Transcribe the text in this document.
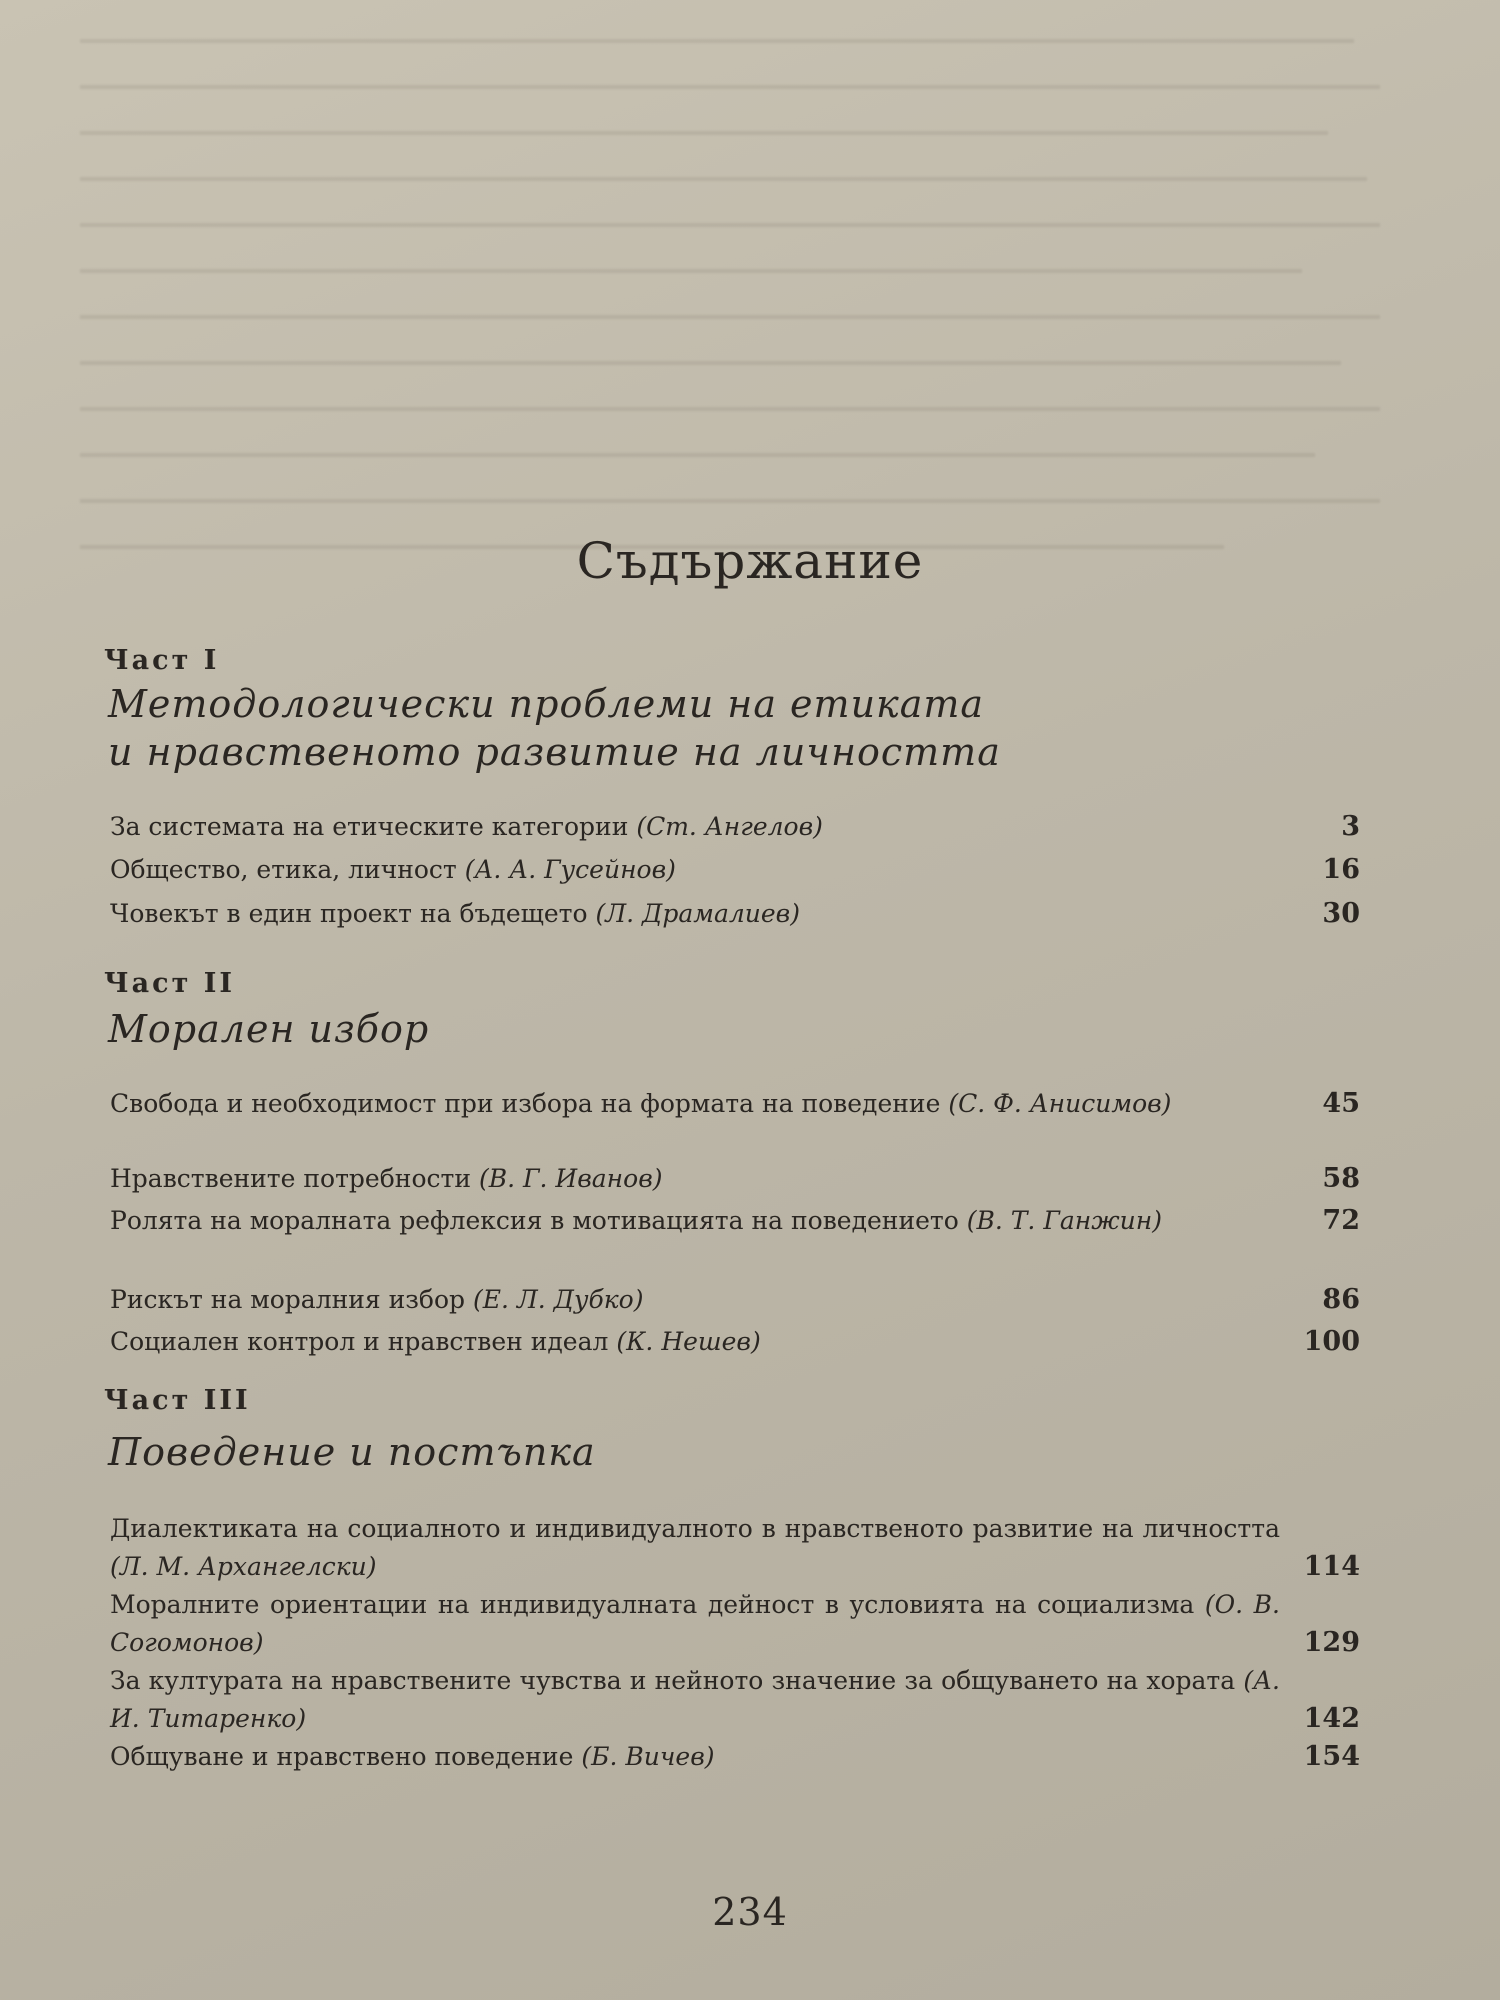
Съдържание
Част I
Методологически проблеми на етиката
и нравственото развитие на личността
За системата на етическите категории (Ст. Ангелов)	3
Общество, етика, личност (А. А. Гусейнов)	16
Човекът в един проект на бъдещето (Л. Драмалиев)	30
Част II
Морален избор
Свобода и необходимост при избора на формата на поведение (С. Ф. Анисимов)	45
Нравствените потребности (В. Г. Иванов)	58
Ролята на моралната рефлексия в мотивацията на поведението (В. Т. Ганжин)	72
Рискът на моралния избор (Е. Л. Дубко)	86
Социален контрол и нравствен идеал (К. Нешев)	100
Част III
Поведение и постъпка
Диалектиката на социалното и индивидуалното в нравственото развитие на личността (Л. М. Архангелски)	114
Моралните ориентации на индивидуалната дейност в условията на социализма (О. В. Согомонов)	129
За културата на нравствените чувства и нейното значение за общуването на хората (А. И. Титаренко)	142
Общуване и нравствено поведение (Б. Вичев)	154
234
